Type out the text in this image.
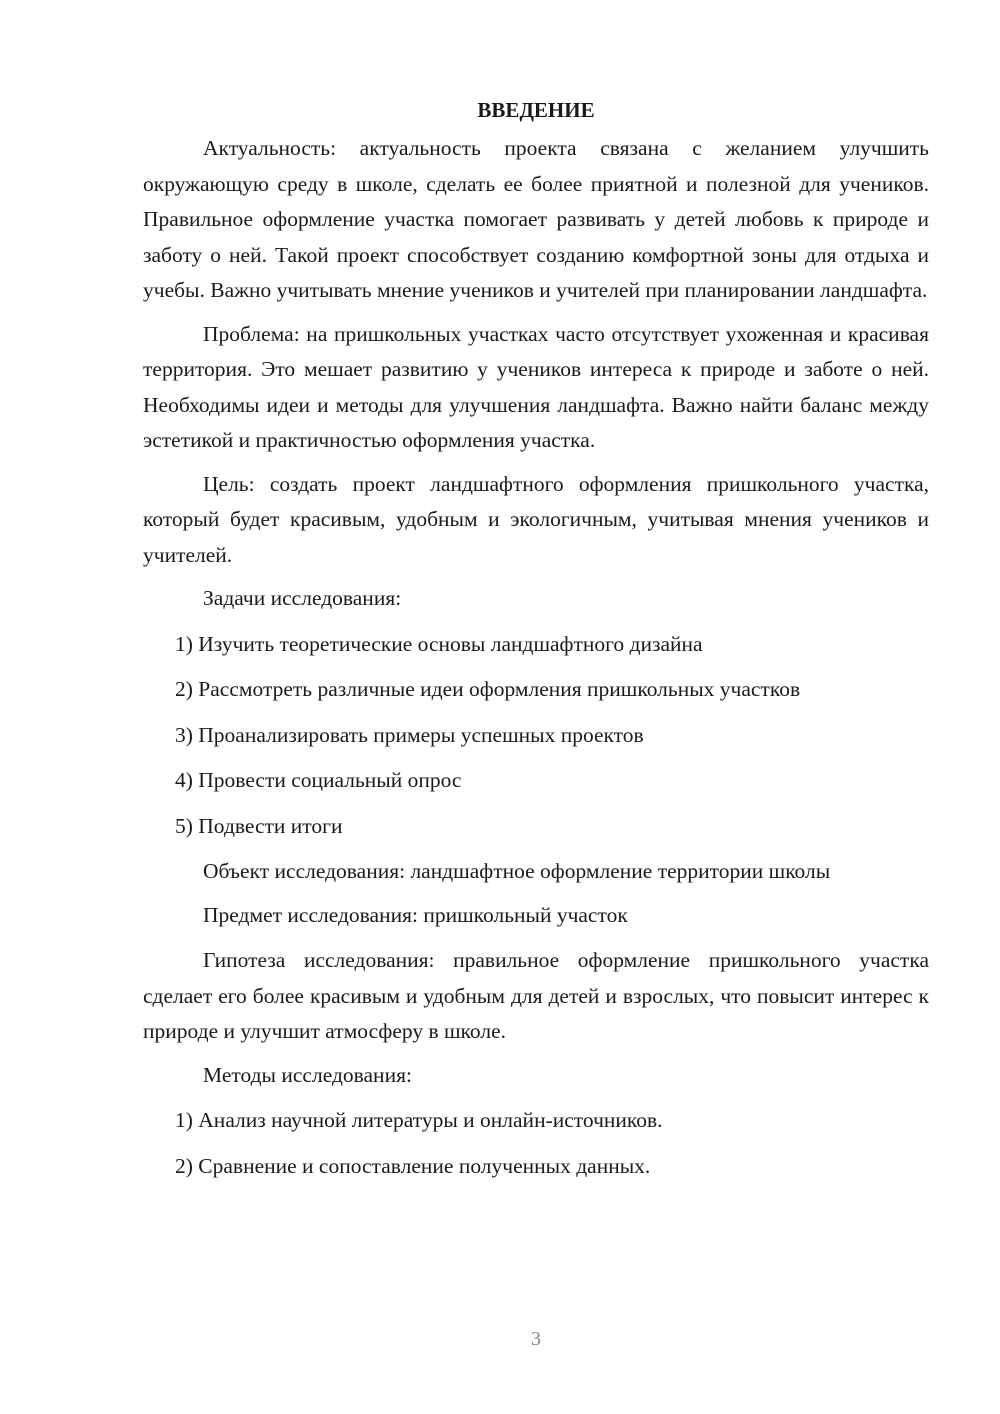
ВВЕДЕНИЕ

Актуальность: актуальность проекта связана с желанием улучшить окружающую среду в школе, сделать ее более приятной и полезной для учеников. Правильное оформление участка помогает развивать у детей любовь к природе и заботу о ней. Такой проект способствует созданию комфортной зоны для отдыха и учебы. Важно учитывать мнение учеников и учителей при планировании ландшафта.

Проблема: на пришкольных участках часто отсутствует ухоженная и красивая территория. Это мешает развитию у учеников интереса к природе и заботе о ней. Необходимы идеи и методы для улучшения ландшафта. Важно найти баланс между эстетикой и практичностью оформления участка.

Цель: создать проект ландшафтного оформления пришкольного участка, который будет красивым, удобным и экологичным, учитывая мнения учеников и учителей.

Задачи исследования:

1) Изучить теоретические основы ландшафтного дизайна
2) Рассмотреть различные идеи оформления пришкольных участков
3) Проанализировать примеры успешных проектов
4) Провести социальный опрос
5) Подвести итоги

Объект исследования: ландшафтное оформление территории школы

Предмет исследования: пришкольный участок

Гипотеза исследования: правильное оформление пришкольного участка сделает его более красивым и удобным для детей и взрослых, что повысит интерес к природе и улучшит атмосферу в школе.

Методы исследования:

1) Анализ научной литературы и онлайн-источников.
2) Сравнение и сопоставление полученных данных.
3
